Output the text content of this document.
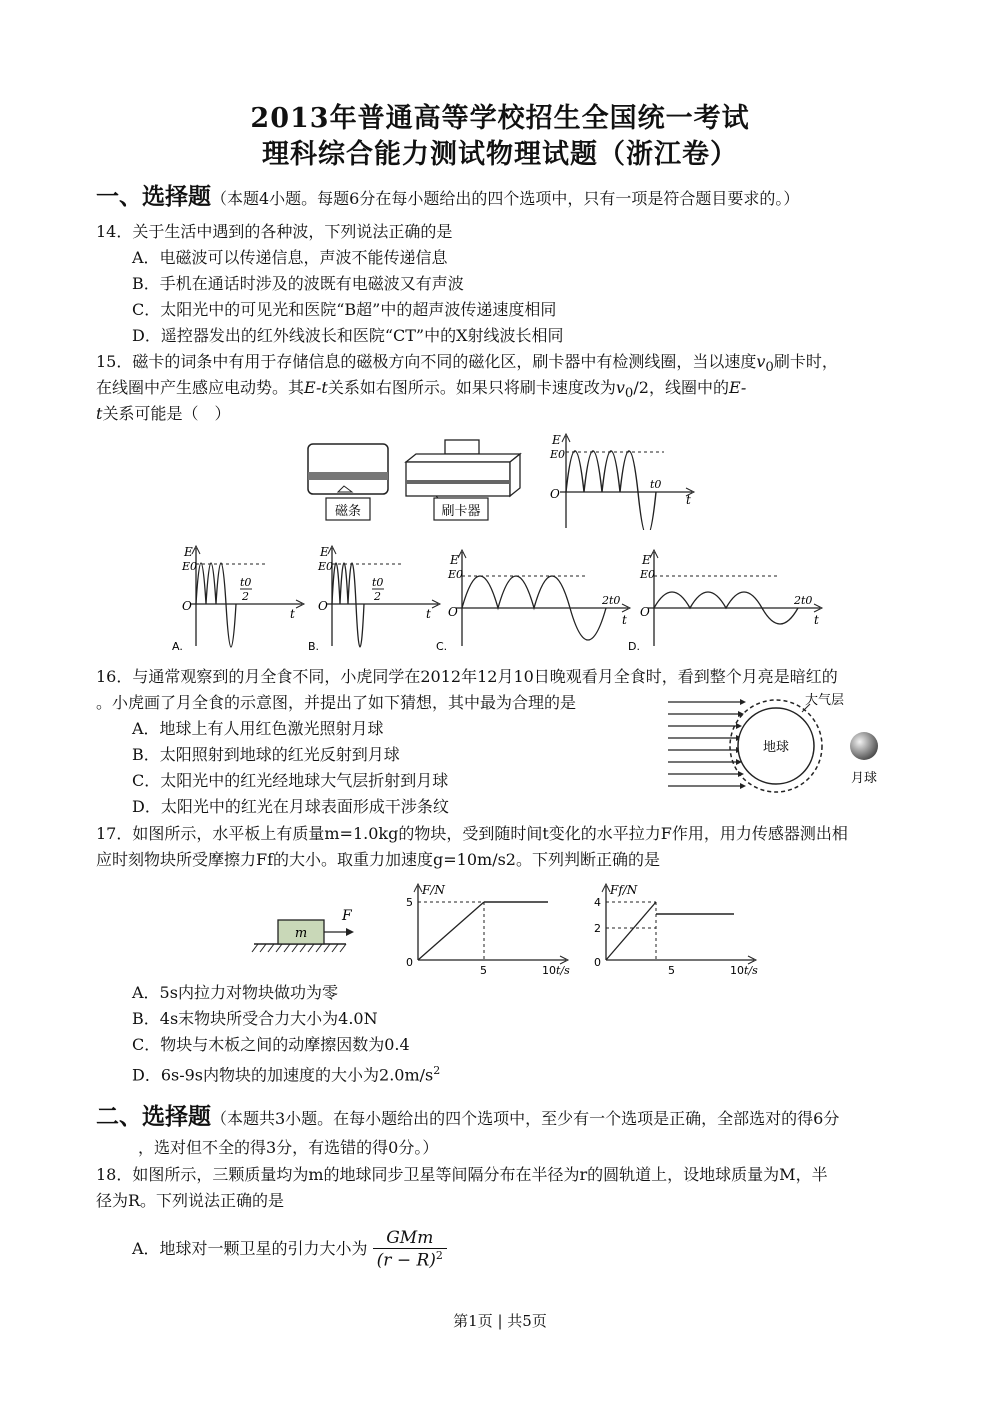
2013年普通高等学校招生全国统一考试
理科综合能力测试物理试题（浙江卷）
一、选择题（本题4小题。每题6分在每小题给出的四个选项中，只有一项是符合题目要求的。）
14．关于生活中遇到的各种波，下列说法正确的是
A．电磁波可以传递信息，声波不能传递信息
B．手机在通话时涉及的波既有电磁波又有声波
C．太阳光中的可见光和医院“B超”中的超声波传递速度相同
D．遥控器发出的红外线波长和医院“CT”中的X射线波长相同
15．磁卡的词条中有用于存储信息的磁极方向不同的磁化区，刷卡器中有检测线圈，当以速度$v_0$刷卡时，
在线圈中产生感应电动势。其E-t关系如右图所示。如果只将刷卡速度改为$v_0/2$，线圈中的E-
t关系可能是（　）
磁条	刷卡器
E
E0
O
t0
t
E
E0
O
t0
2
t
A.
E
E0
O
t0
2
t
B.
E
E0
O
2t0
t
C.
E
E0
O
2t0
t
D.
16．与通常观察到的月全食不同，小虎同学在2012年12月10日晚观看月全食时，看到整个月亮是暗红的
。小虎画了月全食的示意图，并提出了如下猜想，其中最为合理的是
A．地球上有人用红色激光照射月球
B．太阳照射到地球的红光反射到月球
C．太阳光中的红光经地球大气层折射到月球
D．太阳光中的红光在月球表面形成干涉条纹
地球
大气层
月球
17．如图所示，水平板上有质量m=1.0kg的物块，受到随时间t变化的水平拉力F作用，用力传感器测出相
应时刻物块所受摩擦力Ff的大小。取重力加速度g=10m/s2。下列判断正确的是
m
F
F/N
5
0
5	10 t/s
Ff/N
4
2
0
5	10 t/s
A．5s内拉力对物块做功为零
B．4s末物块所受合力大小为4.0N
C．物块与木板之间的动摩擦因数为0.4
D．6s-9s内物块的加速度的大小为$2.0m/s^2$
二、选择题（本题共3小题。在每小题给出的四个选项中，至少有一个选项是正确，全部选对的得6分
，选对但不全的得3分，有选错的得0分。）
18．如图所示，三颗质量均为m的地球同步卫星等间隔分布在半径为r的圆轨道上，设地球质量为M，半
径为R。下列说法正确的是
A．地球对一颗卫星的引力大小为 $\frac{\text{GMm}}{(r - R)^2}$
第1页 | 共5页
